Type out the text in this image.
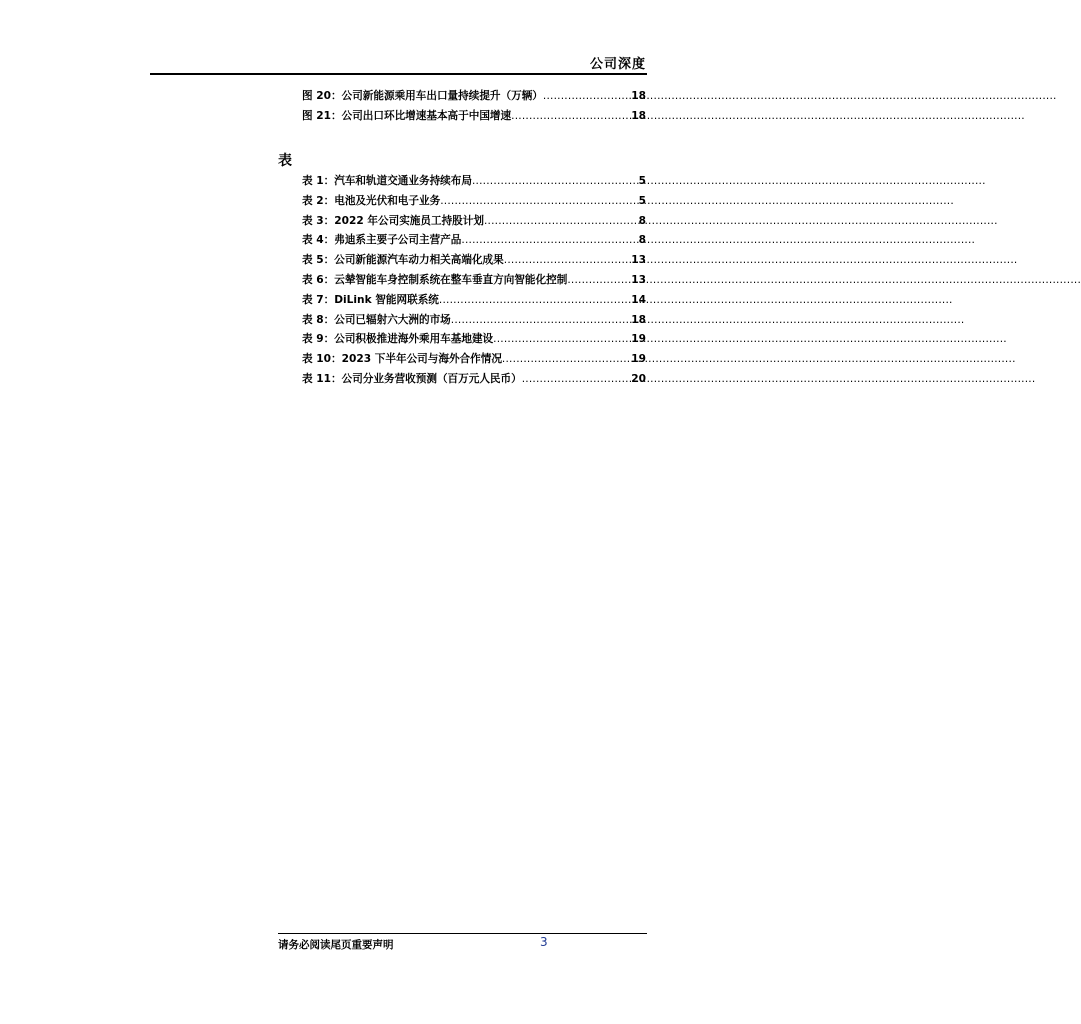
公司深度
图 20：公司新能源乘用车出口量持续提升（万辆） .....	18
图 21：公司出口环比增速基本高于中国增速 .....	18
表
表 1：汽车和轨道交通业务持续布局 .....	5
表 2：电池及光伏和电子业务 .....	5
表 3：2022 年公司实施员工持股计划 .....	8
表 4：弗迪系主要子公司主营产品 .....	8
表 5：公司新能源汽车动力相关高端化成果 .....	13
表 6：云辇智能车身控制系统在整车垂直方向智能化控制 .....	13
表 7：DiLink 智能网联系统 .....	14
表 8：公司已辐射六大洲的市场 .....	18
表 9：公司积极推进海外乘用车基地建设 .....	19
表 10：2023 下半年公司与海外合作情况 .....	19
表 11：公司分业务营收预测（百万元人民币） .....	20
请务必阅读尾页重要声明	3
